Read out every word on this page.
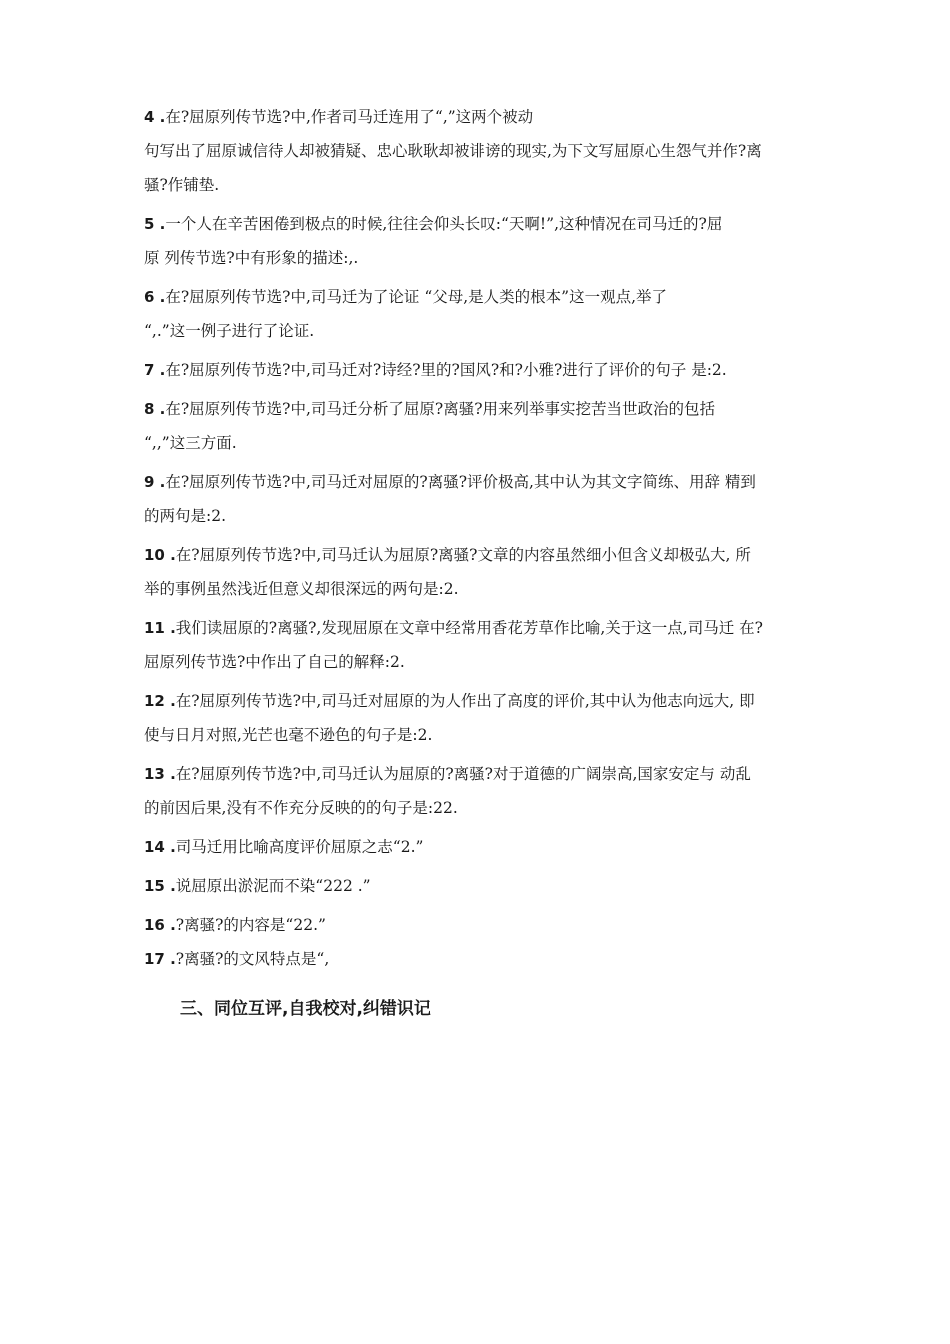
4 .在?屈原列传节选?中,作者司马迁连用了“,”这两个被动
句写出了屈原诚信待人却被猜疑、忠心耿耿却被诽谤的现实,为下文写屈原心生怨气并作?离
骚?作铺垫.
5 .一个人在辛苦困倦到极点的时候,往往会仰头长叹:“天啊!”,这种情况在司马迁的?屈
原 列传节选?中有形象的描述:,.
6 .在?屈原列传节选?中,司马迁为了论证 “父母,是人类的根本”这一观点,举了
“,.”这一例子进行了论证.
7 .在?屈原列传节选?中,司马迁对?诗经?里的?国风?和?小雅?进行了评价的句子 是:2.
8 .在?屈原列传节选?中,司马迁分析了屈原?离骚?用来列举事实挖苦当世政治的包括
“,,”这三方面.
9 .在?屈原列传节选?中,司马迁对屈原的?离骚?评价极高,其中认为其文字简练、用辞 精到
的两句是:2.
10 .在?屈原列传节选?中,司马迁认为屈原?离骚?文章的内容虽然细小但含义却极弘大, 所
举的事例虽然浅近但意义却很深远的两句是:2.
11 .我们读屈原的?离骚?,发现屈原在文章中经常用香花芳草作比喻,关于这一点,司马迁 在?
屈原列传节选?中作出了自己的解释:2.
12 .在?屈原列传节选?中,司马迁对屈原的为人作出了高度的评价,其中认为他志向远大, 即
使与日月对照,光芒也毫不逊色的句子是:2.
13 .在?屈原列传节选?中,司马迁认为屈原的?离骚?对于道德的广阔崇高,国家安定与 动乱
的前因后果,没有不作充分反映的的句子是:22.
14 .司马迁用比喻高度评价屈原之志“2.”
15 .说屈原出淤泥而不染“222 .”
16 .?离骚?的内容是“22.”
17 .?离骚?的文风特点是“,
三、同位互评,自我校对,纠错识记
